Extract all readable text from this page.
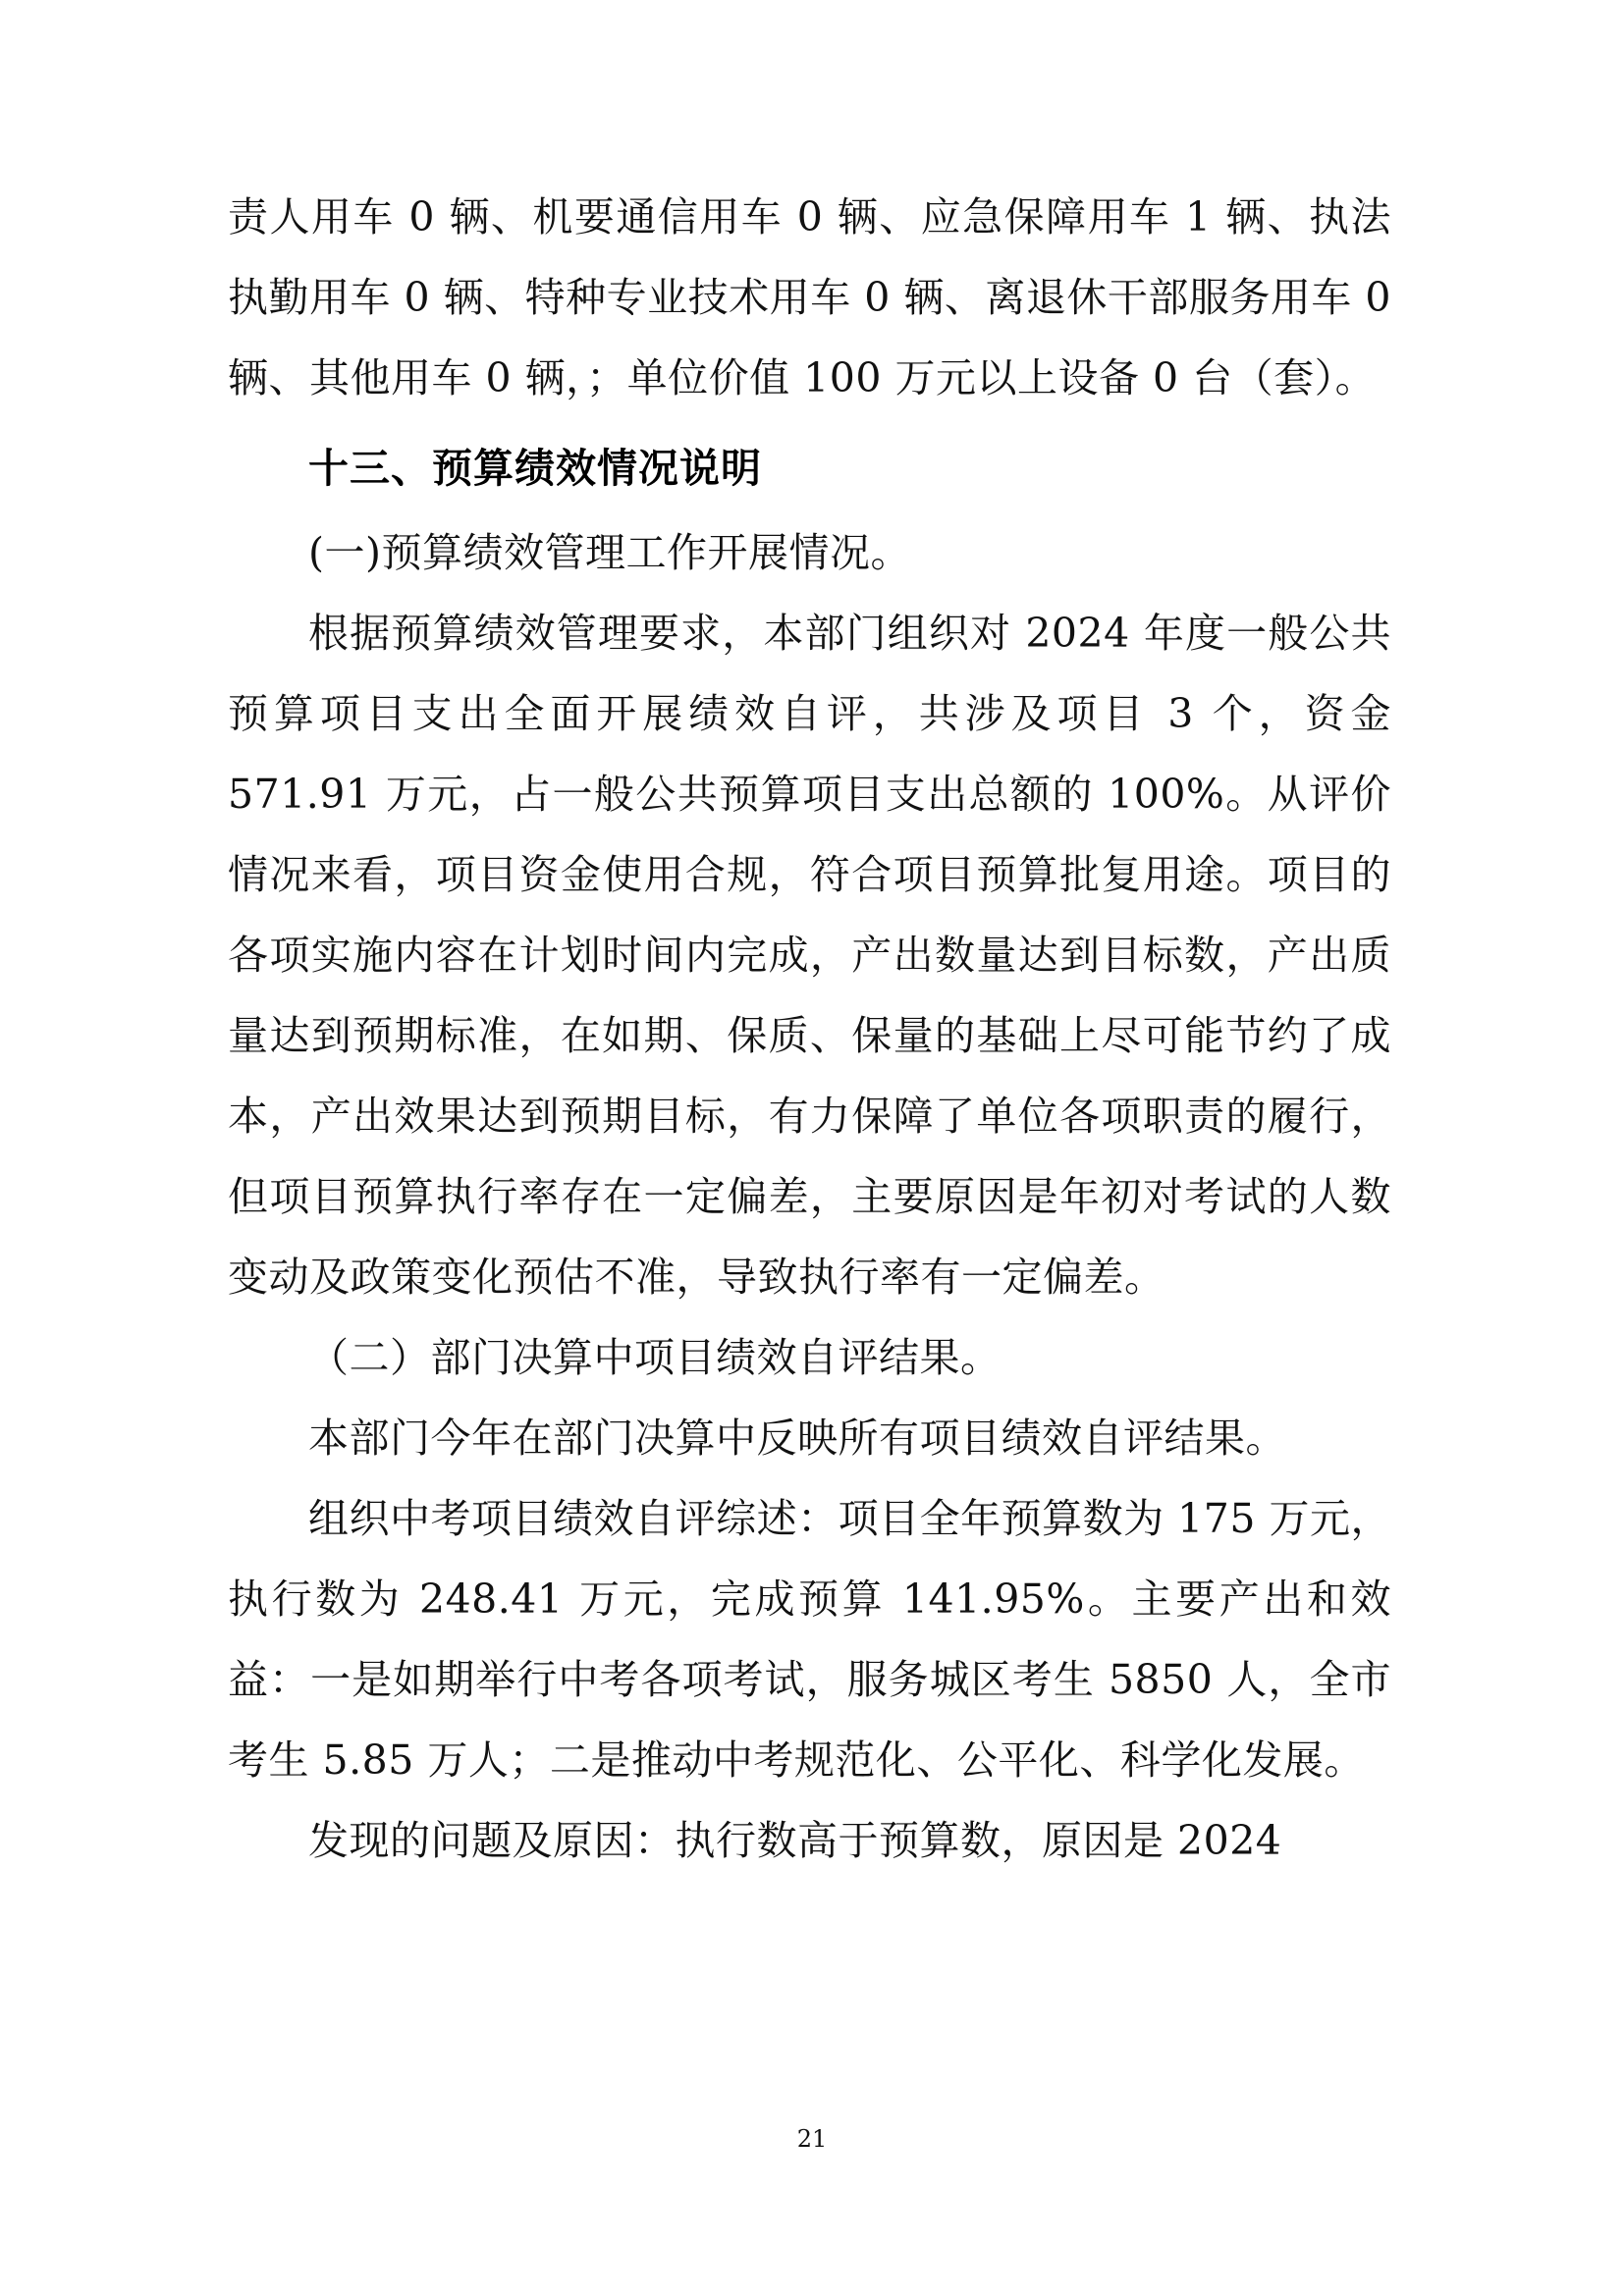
责人用车 0 辆、机要通信用车 0 辆、应急保障用车 1 辆、执法执勤用车 0 辆、特种专业技术用车 0 辆、离退休干部服务用车 0 辆、其他用车 0 辆，；单位价值 100 万元以上设备 0 台（套）。

十三、预算绩效情况说明

(一)预算绩效管理工作开展情况。

根据预算绩效管理要求，本部门组织对 2024 年度一般公共预算项目支出全面开展绩效自评，共涉及项目 3 个，资金 571.91 万元，占一般公共预算项目支出总额的 100%。从评价情况来看，项目资金使用合规，符合项目预算批复用途。项目的各项实施内容在计划时间内完成，产出数量达到目标数，产出质量达到预期标准，在如期、保质、保量的基础上尽可能节约了成本，产出效果达到预期目标，有力保障了单位各项职责的履行，但项目预算执行率存在一定偏差，主要原因是年初对考试的人数变动及政策变化预估不准，导致执行率有一定偏差。

（二）部门决算中项目绩效自评结果。

本部门今年在部门决算中反映所有项目绩效自评结果。

组织中考项目绩效自评综述：项目全年预算数为 175 万元，执行数为 248.41 万元，完成预算 141.95%。主要产出和效益：一是如期举行中考各项考试，服务城区考生 5850 人，全市考生 5.85 万人；二是推动中考规范化、公平化、科学化发展。

发现的问题及原因：执行数高于预算数，原因是 2024

21
